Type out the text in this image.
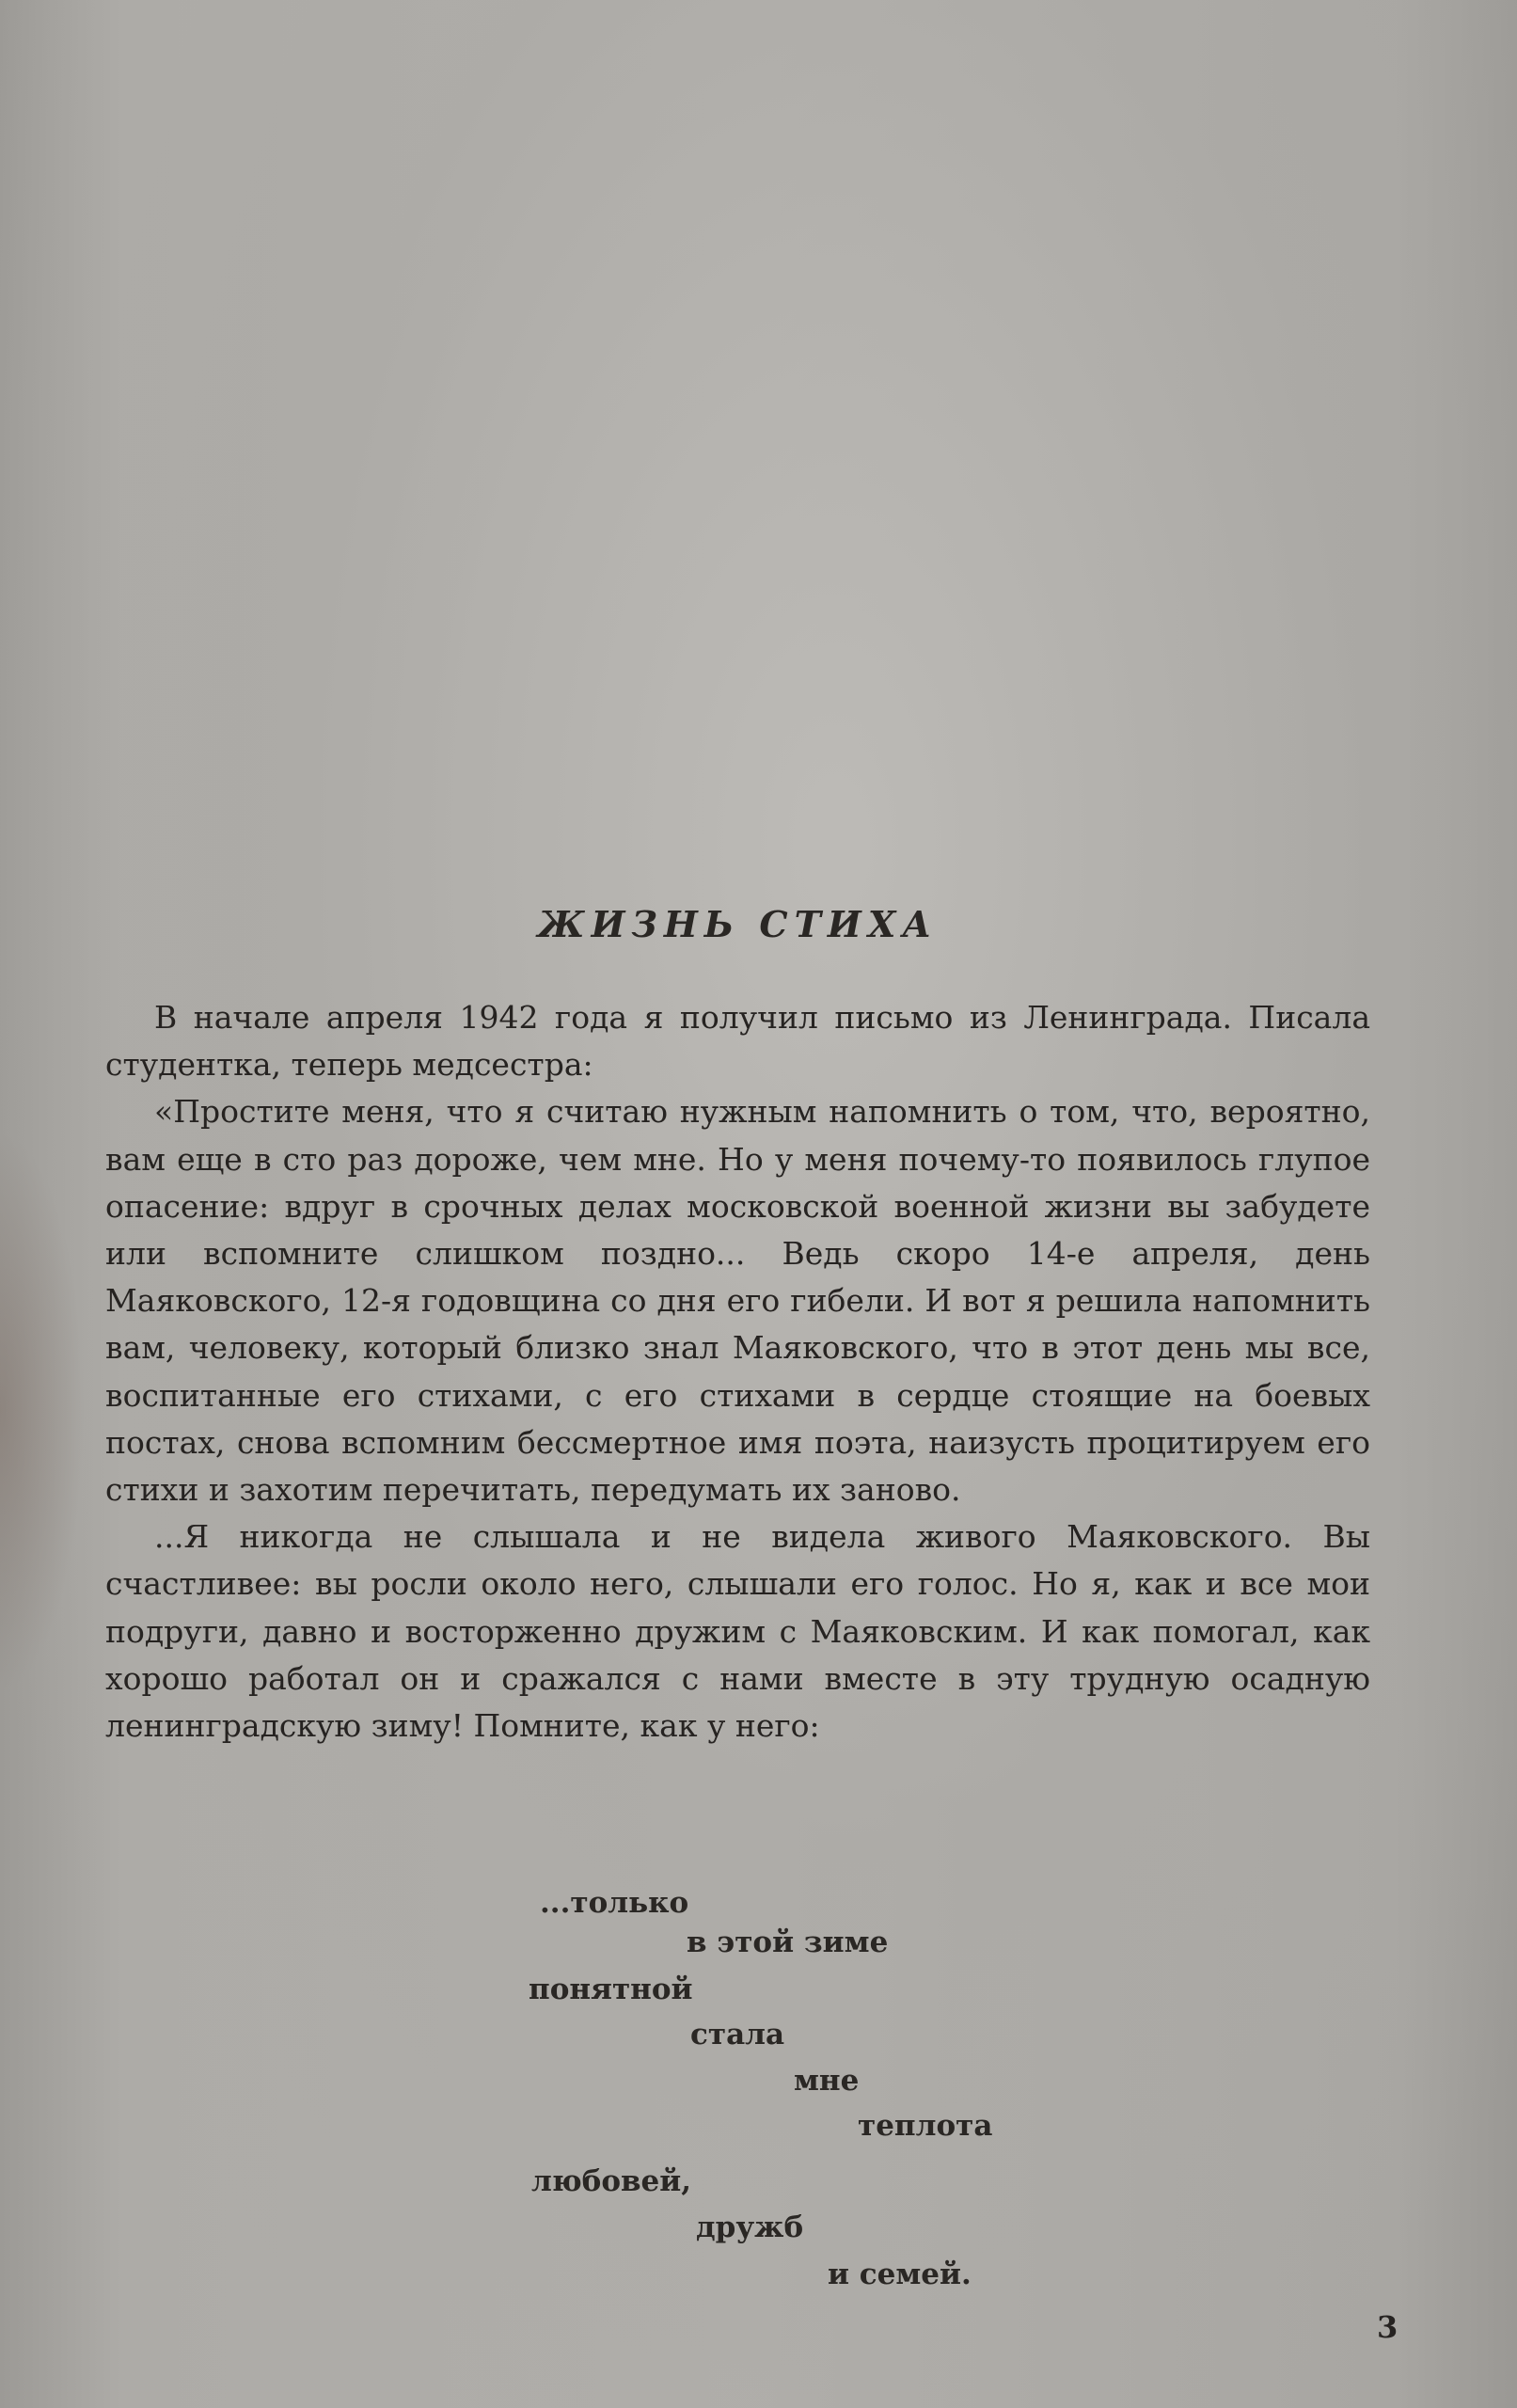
ЖИЗНЬ СТИХА

В начале апреля 1942 года я получил письмо из Ленинграда. Писала студентка, теперь медсестра:

«Простите меня, что я считаю нужным напомнить о том, что, вероятно, вам еще в сто раз дороже, чем мне. Но у меня почему-то появилось глупое опасение: вдруг в срочных делах московской военной жизни вы забудете или вспомните слишком поздно... Ведь скоро 14-е апреля, день Маяковского, 12-я годовщина со дня его гибели. И вот я решила напомнить вам, человеку, который близко знал Маяковского, что в этот день мы все, воспитанные его стихами, с его стихами в сердце стоящие на боевых постах, снова вспомним бессмертное имя поэта, наизусть процитируем его стихи и захотим перечитать, передумать их заново.

...Я никогда не слышала и не видела живого Маяковского. Вы счастливее: вы росли около него, слышали его голос. Но я, как и все мои подруги, давно и восторженно дружим с Маяковским. И как помогал, как хорошо работал он и сражался с нами вместе в эту трудную осадную ленинградскую зиму! Помните, как у него:

...только
в этой зиме
понятной
стала
мне
теплота
любовей,
дружб
и семей.
3
